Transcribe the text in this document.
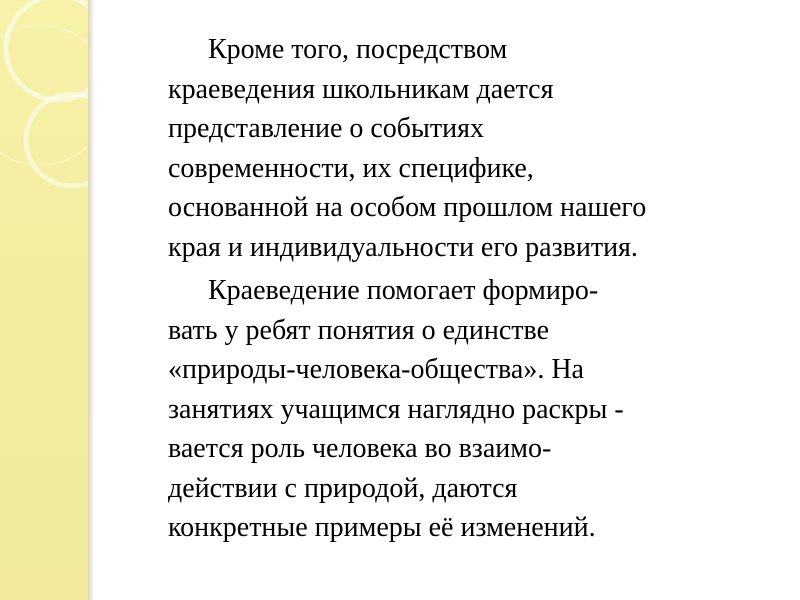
Кроме того, посредством
краеведения школьникам дается
представление о событиях
современности, их специфике,
основанной на особом прошлом нашего
края и индивидуальности его развития.

Краеведение помогает формиро-
вать у ребят понятия о единстве
«природы-человека-общества». На
занятиях учащимся наглядно раскры -
вается роль человека во взаимо-
действии с природой, даются
конкретные примеры её изменений.
